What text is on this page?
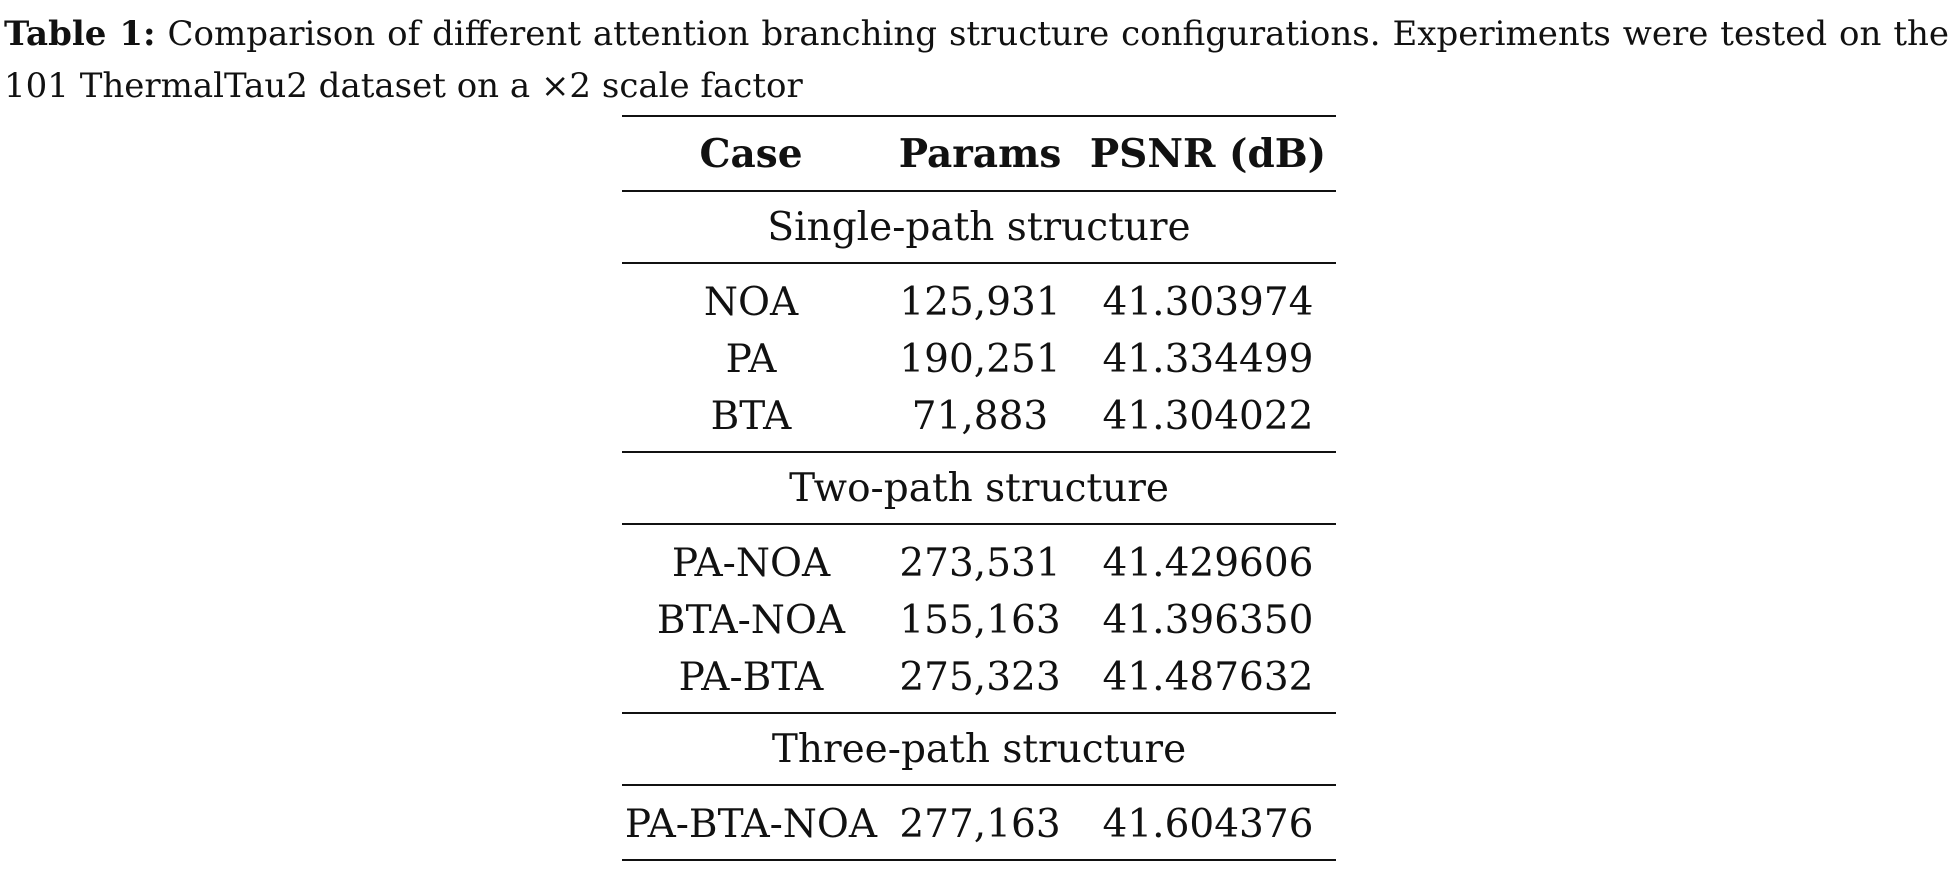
Table 1: Comparison of different attention branching structure configurations. Experiments were tested on the 101 ThermalTau2 dataset on a ×2 scale factor
Case	Params	PSNR (dB)
Single-path structure		

NOA	125,931	41.303974
PA	190,251	41.334499
BTA	71,883	41.304022
Two-path structure		

PA-NOA	273,531	41.429606
BTA-NOA	155,163	41.396350
PA-BTA	275,323	41.487632
Three-path structure		

PA-BTA-NOA	277,163	41.604376
